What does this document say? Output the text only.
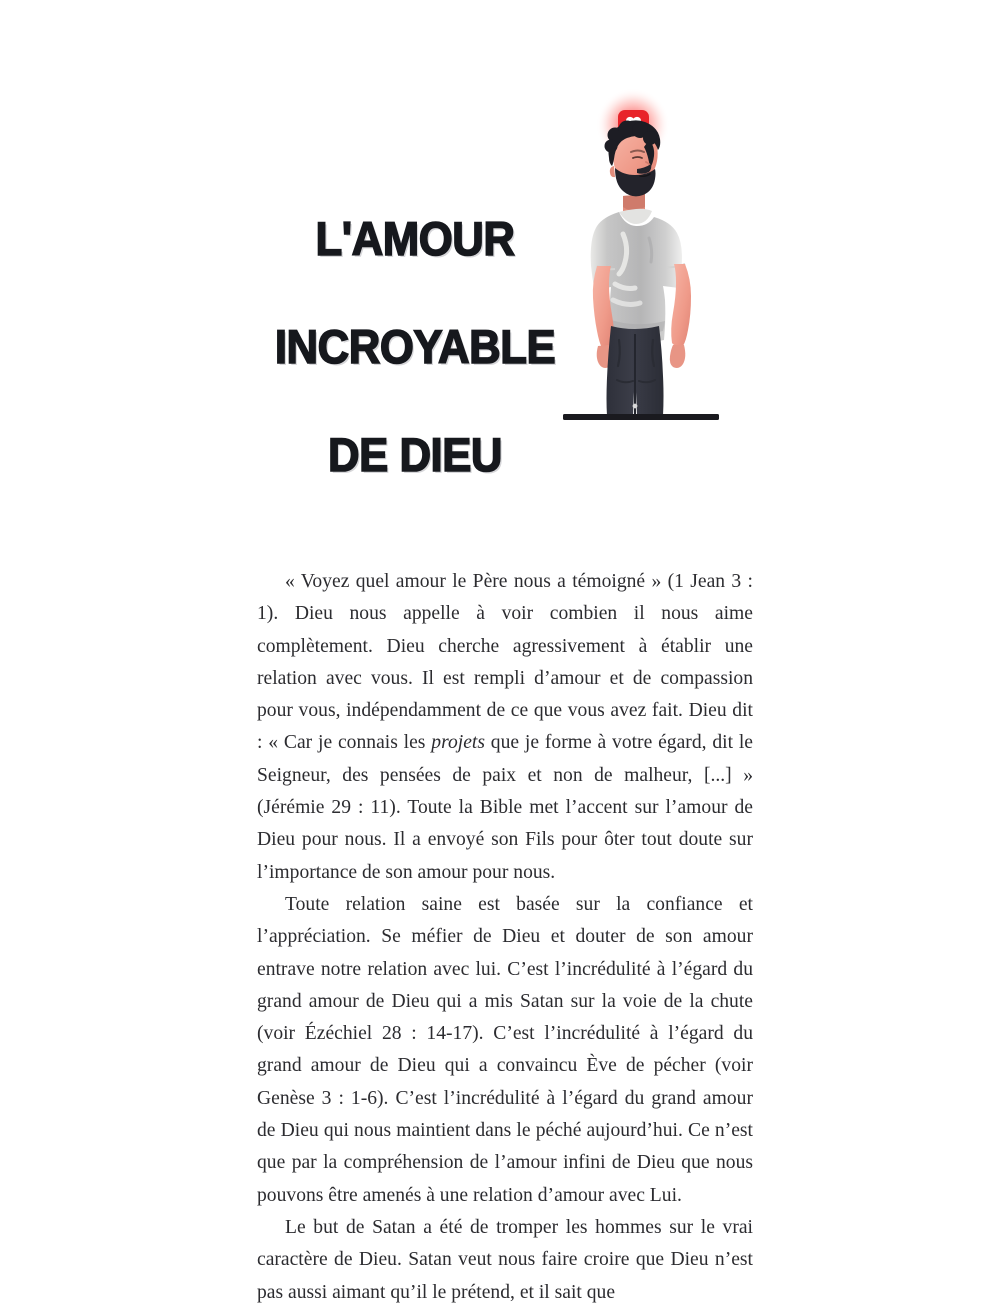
L'AMOUR

INCROYABLE

DE DIEU

« Voyez quel amour le Père nous a témoigné » (1 Jean 3 : 1). Dieu nous appelle à voir combien il nous aime complètement. Dieu cherche agressivement à établir une relation avec vous. Il est rempli d’amour et de compassion pour vous, indépendamment de ce que vous avez fait. Dieu dit : « Car je connais les projets que je forme à votre égard, dit le Seigneur, des pensées de paix et non de malheur, [...] » (Jérémie 29 : 11). Toute la Bible met l’accent sur l’amour de Dieu pour nous. Il a envoyé son Fils pour ôter tout doute sur l’importance de son amour pour nous.

Toute relation saine est basée sur la confiance et l’appréciation. Se méfier de Dieu et douter de son amour entrave notre relation avec lui. C’est l’incrédulité à l’égard du grand amour de Dieu qui a mis Satan sur la voie de la chute (voir Ézéchiel 28 : 14-17). C’est l’incrédulité à l’égard du grand amour de Dieu qui a convaincu Ève de pécher (voir Genèse 3 : 1-6). C’est l’incrédulité à l’égard du grand amour de Dieu qui nous maintient dans le péché aujourd’hui. Ce n’est que par la compréhension de l’amour infini de Dieu que nous pouvons être amenés à une relation d’amour avec Lui.

Le but de Satan a été de tromper les hommes sur le vrai caractère de Dieu. Satan veut nous faire croire que Dieu n’est pas aussi aimant qu’il le prétend, et il sait que
